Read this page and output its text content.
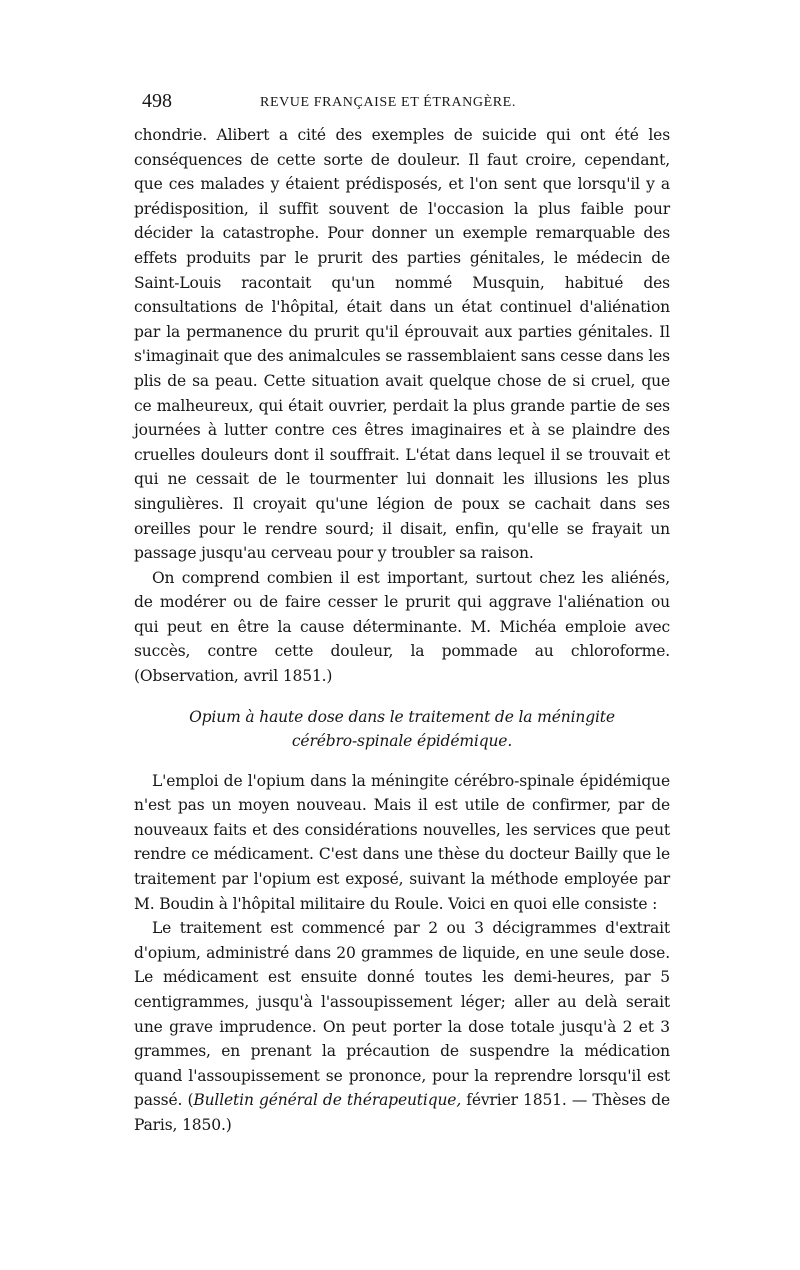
498	REVUE FRANÇAISE ET ÉTRANGÈRE.

chondrie. Alibert a cité des exemples de suicide qui ont été les conséquences de cette sorte de douleur. Il faut croire, cependant, que ces malades y étaient prédisposés, et l'on sent que lorsqu'il y a prédisposition, il suffit souvent de l'occasion la plus faible pour décider la catastrophe. Pour donner un exemple remarquable des effets produits par le prurit des parties génitales, le médecin de Saint-Louis racontait qu'un nommé Musquin, habitué des consultations de l'hôpital, était dans un état continuel d'aliénation par la permanence du prurit qu'il éprouvait aux parties génitales. Il s'imaginait que des animalcules se rassemblaient sans cesse dans les plis de sa peau. Cette situation avait quelque chose de si cruel, que ce malheureux, qui était ouvrier, perdait la plus grande partie de ses journées à lutter contre ces êtres imaginaires et à se plaindre des cruelles douleurs dont il souffrait. L'état dans lequel il se trouvait et qui ne cessait de le tourmenter lui donnait les illusions les plus singulières. Il croyait qu'une légion de poux se cachait dans ses oreilles pour le rendre sourd; il disait, enfin, qu'elle se frayait un passage jusqu'au cerveau pour y troubler sa raison.

On comprend combien il est important, surtout chez les aliénés, de modérer ou de faire cesser le prurit qui aggrave l'aliénation ou qui peut en être la cause déterminante. M. Michéa emploie avec succès, contre cette douleur, la pommade au chloroforme. (Observation, avril 1851.)

Opium à haute dose dans le traitement de la méningite
cérébro-spinale épidémique.

L'emploi de l'opium dans la méningite cérébro-spinale épidémique n'est pas un moyen nouveau. Mais il est utile de confirmer, par de nouveaux faits et des considérations nouvelles, les services que peut rendre ce médicament. C'est dans une thèse du docteur Bailly que le traitement par l'opium est exposé, suivant la méthode employée par M. Boudin à l'hôpital militaire du Roule. Voici en quoi elle consiste :

Le traitement est commencé par 2 ou 3 décigrammes d'extrait d'opium, administré dans 20 grammes de liquide, en une seule dose. Le médicament est ensuite donné toutes les demi-heures, par 5 centigrammes, jusqu'à l'assoupissement léger; aller au delà serait une grave imprudence. On peut porter la dose totale jusqu'à 2 et 3 grammes, en prenant la précaution de suspendre la médication quand l'assoupissement se prononce, pour la reprendre lorsqu'il est passé. (Bulletin général de thérapeutique, février 1851. — Thèses de Paris, 1850.)
